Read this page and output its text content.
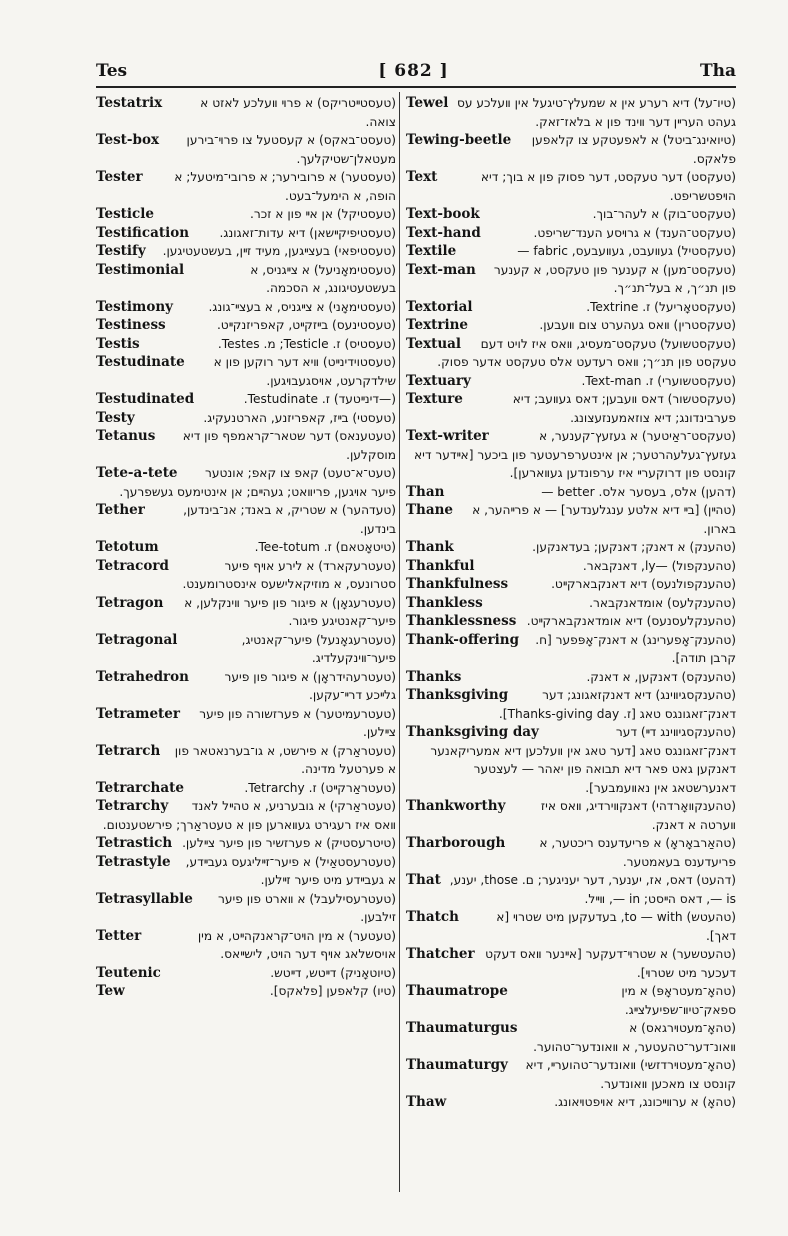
Tes	[ 682 ]	Tha
Testatrix	(טעסטײטריקס) א פרױ װעלכע לאזט א צואה.
Test-box	(טעסט־באקס) א קעסטעל צו פרױ־בירען מעטאלן־שטיקלעך.
Tester	(טעסטער) א פרובירער; א פרובי־מיטעל; א הופה, א הימעל־בעט.
Testicle	(טעסטיקל) אן אײ פון א זכר.
Testification	(טעסטיפיקײשאן) דיא עדות־זאגונג.
Testify	(טעסטיפאי) בעצײגען, מעיד זײן, בעשטעטיגען.
Testimonial	(טעסטימאָניעל) א צײגניס, א בעשטעטיגונג, א הסכמה.
Testimony	(טעסטימאָני) א צײגניס, א בעצײ־גונג.
Testiness	(טעסטינעס) בײזקײט, קאפריזנקײט.
Testis	(טעסטיס) ז. Testicle; מ. Testes.
Testudinate	(טעסטוידינײט) װיא דער רוקען פון א שילדקרעט, אױסגעבױגען.
Testudinated	(—דינײטעד) ז. Testudinate.
Testy	(טעסטי) בײז, קאפריזנע, הארטנעקיג.
Tetanus	(טעטענאס) דער שטאר־קראמפף פון דיא מוסקלען.
Tete-a-tete	(טעט־א־טעט) קאפ צו קאפ; אונטער פיער אױגען, פריװאט; געהײם; אן אינטימעס געשפרעך.
Tether	(טעדהער) א שטריק, א באנד; אנ־בינדען, בינדען.
Tetotum	(טיטאָטאם) ז. Tee-totum.
Tetracord	(טעטרעקארד) א לירע אױף פיער סטרונעס, א מוזיקאלישעס אינסטרומענט.
Tetragon	(טעטרעגאָן) א פיגור פון פיער װינקלען, א פיער־קאנטיגע פיגור.
Tetragonal	(טעטרעגאָנעל) פיער־קאנטיג, פיער־װינקעלדיג.
Tetrahedron	(טעטרעהידראָן) א פיגור פון פיער גלײכע דרײ־עקען.
Tetrameter	(טעטרעמיטער) א פערזשורה פון פיער צײלען.
Tetrarch	(טעטראַרק) א פירשט, א גו־בערנאטאר פון א פערטעל מדינה.
Tetrarchate	(טעטראַרקײט) ז. Tetrarchy.
Tetrarchy	(טעטראַרקי) א גובערניע, א טהײל לאנד װאס איז רעגירט געװארען פון א טעטראַרך; פירשטענטום.
Tetrastich (טיטרעסטיק) א פערזשיר פון פיער צײלען.
Tetrastyle	(טעטרעסטאַיל) א פיער־זײליגעס געבײדע, א געבײדע מיט פיער זײלען.
Tetrasyllable	(טעטרעסילעבל) א װארט פון פיער זילבען.
Tetter	(טעטער) א מין הױט־קראנקהײט, א מין אויסשלאג אױף דער הױט, לישײאס.
Teutenic	(טיוטאָניק) דײטש, דײטש.
Tew	(טיו) קלאפען [פלאקס].
Tewel (טיו־על) דיא רערע אין א שמעלץ־טיגעל אין װעלכע עס געהט הערײן דער װינד פון א בלאז־זאק.
Tewing-beetle	(טיואינג־ביטל) א לאפעטקע צו קלאפען פלאקס.
Text	(טעקסט) דער טעקסט, דער פסוק פון א בוך; דיא הױפטשריפט.
Text-book	(טעקסט־בוק) א לעהר־בוך.
Text-hand	(טעקסט־הענד) א גרױסע הענד־שריפט.
Textile	(טעקסטיל) געװעבט, געװעבעס, fabric —
Text-man	(טעקסט־מען) א קענער פון טעקסט, א קענער פון תנ״ך, א בעל־תנ״ך.
Textorial	(טעקסטאָריעל) ז. Textrine.
Textrine	(טעקסטרין) װאס געהערט צום װעבען.
Textual	(טעקסטשועל) טעקסט־מעסיג, װאס איז לויט דעם טעקסט פון תנ״ך; װאס רעדעט אלס טעקסט אדער פסוק.
Textuary	(טעקסטשוערי) ז. Text-man.
Texture	(טעקסטשור) דאס װעבען; דאס געװעב; דיא פערבינדונג; דיא צוזאמענזעצונג.
Text-writer	(טעקסט־ראַיטער) א געזעץ־קענער, א געזעץ־געלעהרטער; אן אינטערפרעטער פון ביכער [אײדער דיא קונסט פון דרוקערײ איז ערפונדען געװארען].
Than	(דהען) אלס, בעסער אלס. better —
Thane	(טהײן) [בײ דיא אלטע ענגלענדער] — א פרײהער, א בארון.
Thank	(טהענק) א דאנק; דאנקען; בעדאנקען.
Thankful	(טהענקפול) —ly, דאנקבאר.
Thankfulness	(טהענקפולנעס) דיא דאנקבארקײט.
Thankless	(טהענקלעס) אומדאנקבאר.
Thanklessness (טהענקלעסנעס) דיא אומדאנקבארקײט.
Thank-offering	(טהענק־אָפערינג) א דאנק־אָפּפער [ח. קרבן תודה].
Thanks	(טהענקס) דאנקען, א דאנק.
Thanksgiving	(טהענקסגיװינג) דיא דאנקזאגונג; דער דאנק־זאגונגס טאג [ז. Thanks-giving day].
Thanksgiving day	(טהענקסגיװינג דײ) דער דאנק־זאגונגס טאג [דער טאג אין װעלכען דיא אמעריקאנער דאנקען גאט פאר דיא תבואה פון יאהר — לעצטער דאנערשטאג אין נאװעמבער].
Thankworthy	(טהענקװאָרדהי) דאנקװירדיג, װאס איז װערטה א דאנק.
Tharborough	(טהאַרבאָראָ) א פריעדענס ריכטער, א פריעדענס בעאמטער.
That (דהעט) דאס, אז, יענער, דער יעניגער; ם. those, יענע, is —, דאס הײסט; in —, װײל.
Thatch	(טהעטש) to — with, בעדעקען מיט שטרױ [א דאך].
Thatcher (טהעטשער) א שטרױ־דעקער [אײנער װאס דעקט דעכער מיט שטרױ].
Thaumatrope	(טהאָ־מעטראָפּ) א מין ספאק־טיװ־שפיעלצײג.
Thaumaturgus	(טהאָ־מעטױרגאס) א װאונ־דער־טהעטער, א װאונדער־טהוער.
Thaumaturgy	(טהאָ־מעטױרדזשי) װאונדער־טהוערײ, דיא קונסט צו מאכען װאונדער.
Thaw	(טהאָ) א ערװײכונג, דיא אױפטױאונג.
